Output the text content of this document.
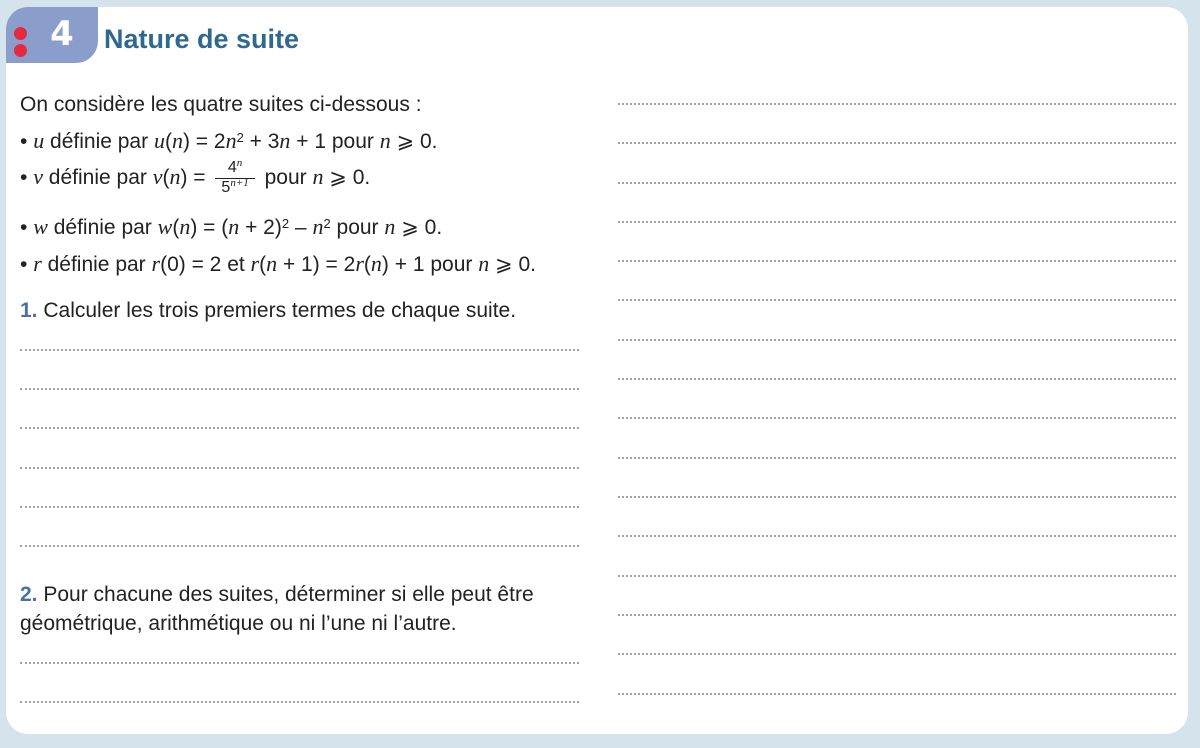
4	Nature de suite
On considère les quatre suites ci-dessous :
• u définie par $u(n) = 2n^2 + 3n + 1$ pour n ⩾ 0.
• v définie par $v(n) = \frac{4^n}{5^{n+1}}$ pour n ⩾ 0.
• w définie par $w(n) = (n + 2)^2 - n^2$ pour n ⩾ 0.
• r définie par r(0) = 2 et r(n + 1) = 2r(n) + 1 pour n ⩾ 0.
1. Calculer les trois premiers termes de chaque suite.
2. Pour chacune des suites, déterminer si elle peut être
géométrique, arithmétique ou ni l’une ni l’autre.
